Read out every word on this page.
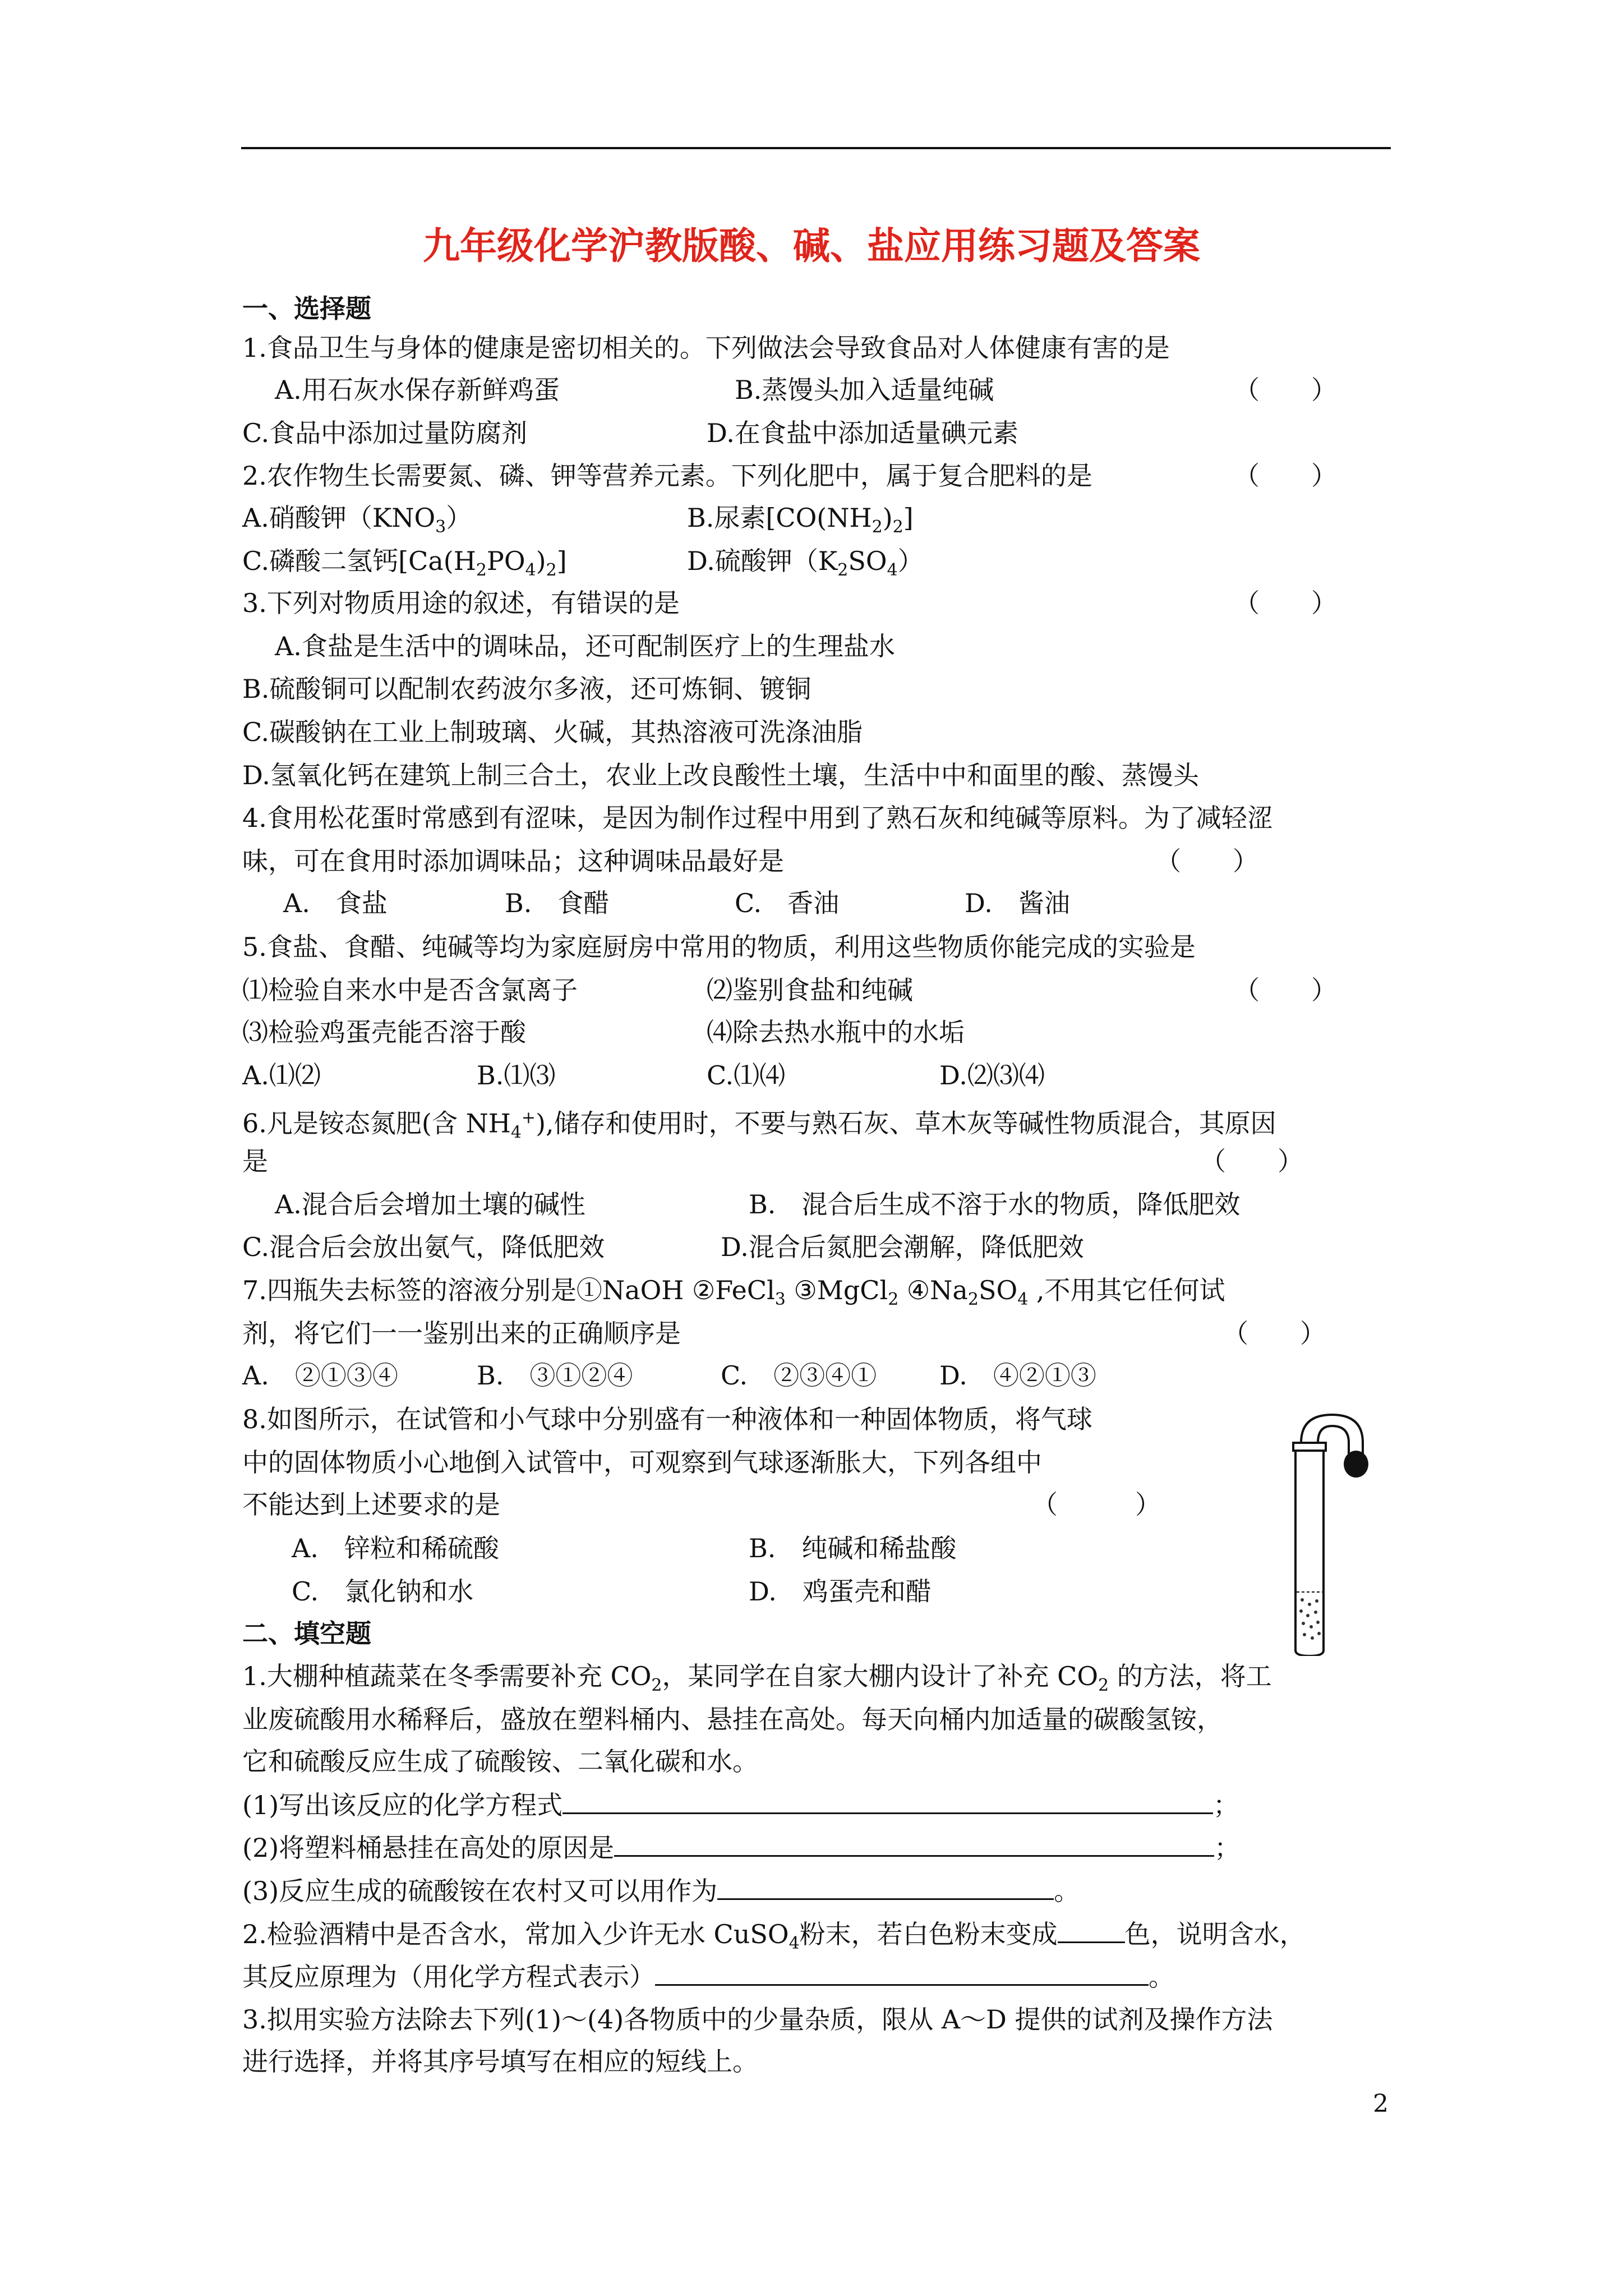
九年级化学沪教版酸、碱、盐应用练习题及答案
一、选择题
1.食品卫生与身体的健康是密切相关的。下列做法会导致食品对人体健康有害的是
A.用石灰水保存新鲜鸡蛋	B.蒸馒头加入适量纯碱	（　　）
C.食品中添加过量防腐剂	D.在食盐中添加适量碘元素
2.农作物生长需要氮、磷、钾等营养元素。下列化肥中，属于复合肥料的是	（　　）
A.硝酸钾$(KNO_3)$	B.尿素$[CO(NH_2)_2]$
C.磷酸二氢钙$[Ca(H_2PO_4)_2]$	D.硫酸钾$(K_2SO_4)$
3.下列对物质用途的叙述，有错误的是	（　　）
A.食盐是生活中的调味品，还可配制医疗上的生理盐水
B.硫酸铜可以配制农药波尔多液，还可炼铜、镀铜
C.碳酸钠在工业上制玻璃、火碱，其热溶液可洗涤油脂
D.氢氧化钙在建筑上制三合土，农业上改良酸性土壤，生活中中和面里的酸、蒸馒头
4.食用松花蛋时常感到有涩味，是因为制作过程中用到了熟石灰和纯碱等原料。为了减轻涩
味，可在食用时添加调味品；这种调味品最好是	（　　）
A.　食盐	B.　食醋	C.　香油	D.　酱油
5.食盐、食醋、纯碱等均为家庭厨房中常用的物质，利用这些物质你能完成的实验是
⑴检验自来水中是否含氯离子	⑵鉴别食盐和纯碱	（　　）
⑶检验鸡蛋壳能否溶于酸	⑷除去热水瓶中的水垢
A.⑴⑵	B.⑴⑶	C.⑴⑷	D.⑵⑶⑷
6.凡是铵态氮肥(含 $NH_4^+$),储存和使用时，不要与熟石灰、草木灰等碱性物质混合，其原因
是	（　　）
A.混合后会增加土壤的碱性	B.　混合后生成不溶于水的物质，降低肥效
C.混合后会放出氨气，降低肥效	D.混合后氮肥会潮解，降低肥效
7.四瓶失去标签的溶液分别是①NaOH ②FeCl$_3$ ③MgCl$_2$ $④Na_2SO_4$ ,不用其它任何试
剂，将它们一一鉴别出来的正确顺序是	（　　）
A.　②①③④	B.　③①②④	C.　②③④① D.　④②①③
8.如图所示，在试管和小气球中分别盛有一种液体和一种固体物质，将气球
中的固体物质小心地倒入试管中，可观察到气球逐渐胀大，下列各组中
不能达到上述要求的是	（　　　）
A.　锌粒和稀硫酸	B.　纯碱和稀盐酸
C.　氯化钠和水	D.　鸡蛋壳和醋
二、填空题
1.大棚种植蔬菜在冬季需要补充 $CO_2$，某同学在自家大棚内设计了补充 $CO_2$ 的方法，将工
业废硫酸用水稀释后，盛放在塑料桶内、悬挂在高处。每天向桶内加适量的碳酸氢铵，
它和硫酸反应生成了硫酸铵、二氧化碳和水。
(1)写出该反应的化学方程式	；
(2)将塑料桶悬挂在高处的原因是	；
(3)反应生成的硫酸铵在农村又可以用作为	。
2.检验酒精中是否含水，常加入少许无水 CuSO$_4$粉末，若白色粉末变成	色，说明含水，
其反应原理为（用化学方程式表示）	。
3.拟用实验方法除去下列(1)～(4)各物质中的少量杂质，限从 A～D 提供的试剂及操作方法
进行选择，并将其序号填写在相应的短线上。
2
